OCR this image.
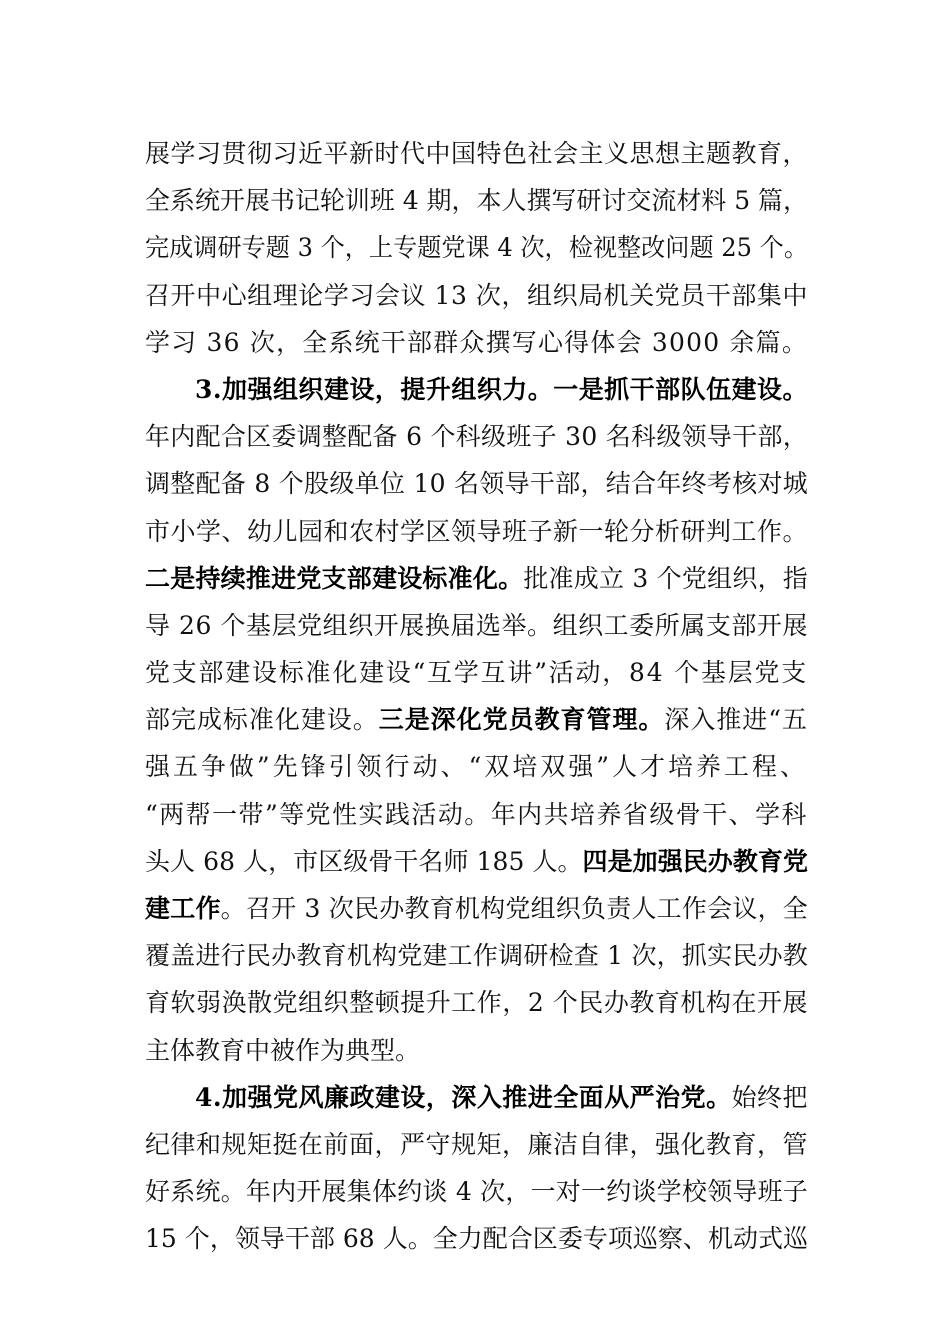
展学习贯彻习近平新时代中国特色社会主义思想主题教育，
全系统开展书记轮训班 4 期，本人撰写研讨交流材料 5 篇，
完成调研专题 3 个，上专题党课 4 次，检视整改问题 25 个。
召开中心组理论学习会议 13 次，组织局机关党员干部集中
学习 36 次，全系统干部群众撰写心得体会 3000 余篇。
3.加强组织建设，提升组织力。一是抓干部队伍建设。
年内配合区委调整配备 6 个科级班子 30 名科级领导干部，
调整配备 8 个股级单位 10 名领导干部，结合年终考核对城
市小学、幼儿园和农村学区领导班子新一轮分析研判工作。
二是持续推进党支部建设标准化。批准成立 3 个党组织，指
导 26 个基层党组织开展换届选举。组织工委所属支部开展
党支部建设标准化建设“互学互讲”活动，84 个基层党支
部完成标准化建设。三是深化党员教育管理。深入推进“五
强五争做”先锋引领行动、“双培双强”人才培养工程、
“两帮一带”等党性实践活动。年内共培养省级骨干、学科
头人 68 人，市区级骨干名师 185 人。四是加强民办教育党
建工作。召开 3 次民办教育机构党组织负责人工作会议，全
覆盖进行民办教育机构党建工作调研检查 1 次，抓实民办教
育软弱涣散党组织整顿提升工作，2 个民办教育机构在开展
主体教育中被作为典型。
4.加强党风廉政建设，深入推进全面从严治党。始终把
纪律和规矩挺在前面，严守规矩，廉洁自律，强化教育，管
好系统。年内开展集体约谈 4 次，一对一约谈学校领导班子
15 个，领导干部 68 人。全力配合区委专项巡察、机动式巡
